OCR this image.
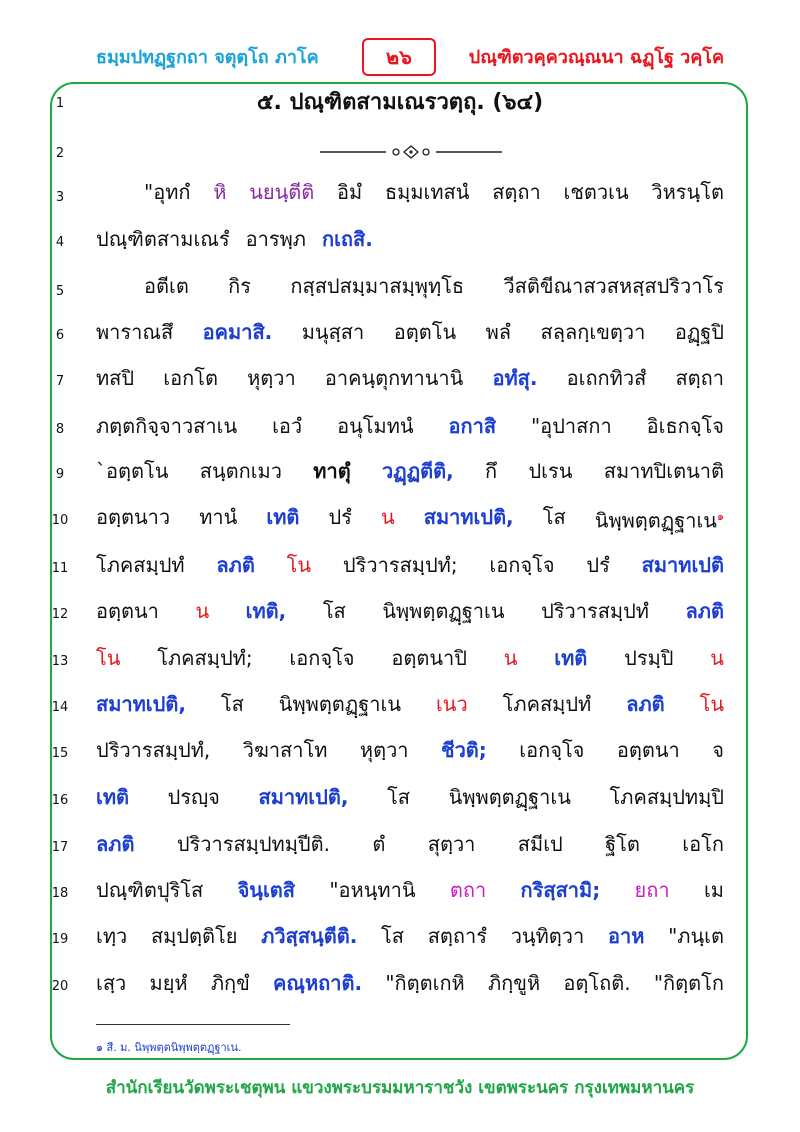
ธมฺมปทฏฺฐกถา จตุตฺโถ ภาโค	๒๖	ปณฺฑิตวคฺควณฺณนา ฉฏฺโฐ วคฺโค
๕. ปณฺฑิตสามเณรวตฺถุ. (๖๔)
1
2
3
4
5
6
7
8
9
10
11
12
13
14
15
16
17
18
19
20
"อุทกํ หิ นยนฺตีติ อิมํ ธมฺมเทสนํ สตฺถา เชตวเน วิหรนฺโต
ปณฺฑิตสามเณรํ อารพฺภ กเถสิ.
อตีเต กิร กสฺสปสมฺมาสมฺพุทฺโธ วีสติขีณาสวสหสฺสปริวาโร
พาราณสึ อคมาสิ. มนุสฺสา อตฺตโน พลํ สลฺลกฺเขตฺวา อฏฺฐปิ
ทสปิ เอกโต หุตฺวา อาคนฺตุกทานานิ อทํสุ. อเถกทิวสํ สตฺถา
ภตฺตกิจฺจาวสาเน เอวํ อนุโมทนํ อกาสิ "อุปาสกา อิเธกจฺโจ
`อตฺตโน สนฺตกเมว ทาตุํ วฏฺฏตีติ, กึ ปเรน สมาทปิเตนาติ
อตฺตนาว ทานํ เทติ ปรํ น สมาทเปติ, โส นิพฺพตฺตฏฺฐาเน$^๑$
โภคสมฺปทํ ลภติ โน ปริวารสมฺปทํ; เอกจฺโจ ปรํ สมาทเปติ
อตฺตนา น เทติ, โส นิพฺพตฺตฏฺฐาเน ปริวารสมฺปทํ ลภติ
โน โภคสมฺปทํ; เอกจฺโจ อตฺตนาปิ น เทติ ปรมฺปิ น
สมาทเปติ, โส นิพฺพตฺตฏฺฐาเน เนว โภคสมฺปทํ ลภติ โน
ปริวารสมฺปทํ, วิฆาสาโท หุตฺวา ชีวติ; เอกจฺโจ อตฺตนา จ
เทติ ปรญฺจ สมาทเปติ, โส นิพฺพตฺตฏฺฐาเน โภคสมฺปทมฺปิ
ลภติ ปริวารสมฺปทมฺปีติ. ตํ สุตฺวา สมีเป ฐิโต เอโก
ปณฺฑิตปุริโส จินฺเตสิ "อหนฺทานิ ตถา กริสฺสามิ; ยถา เม
เทฺว สมฺปตฺติโย ภวิสฺสนฺตีติ. โส สตฺถารํ วนฺทิตฺวา อาห "ภนฺเต
เสฺว มยฺหํ ภิกฺขํ คณฺหถาติ. "กิตฺตเกหิ ภิกฺขูหิ อตฺโถติ. "กิตฺตโก
๑ สี. ม. นิพฺพตฺตนิพฺพตฺตฏฺฐาเน.
สำนักเรียนวัดพระเชตุพน แขวงพระบรมมหาราชวัง เขตพระนคร กรุงเทพมหานคร
